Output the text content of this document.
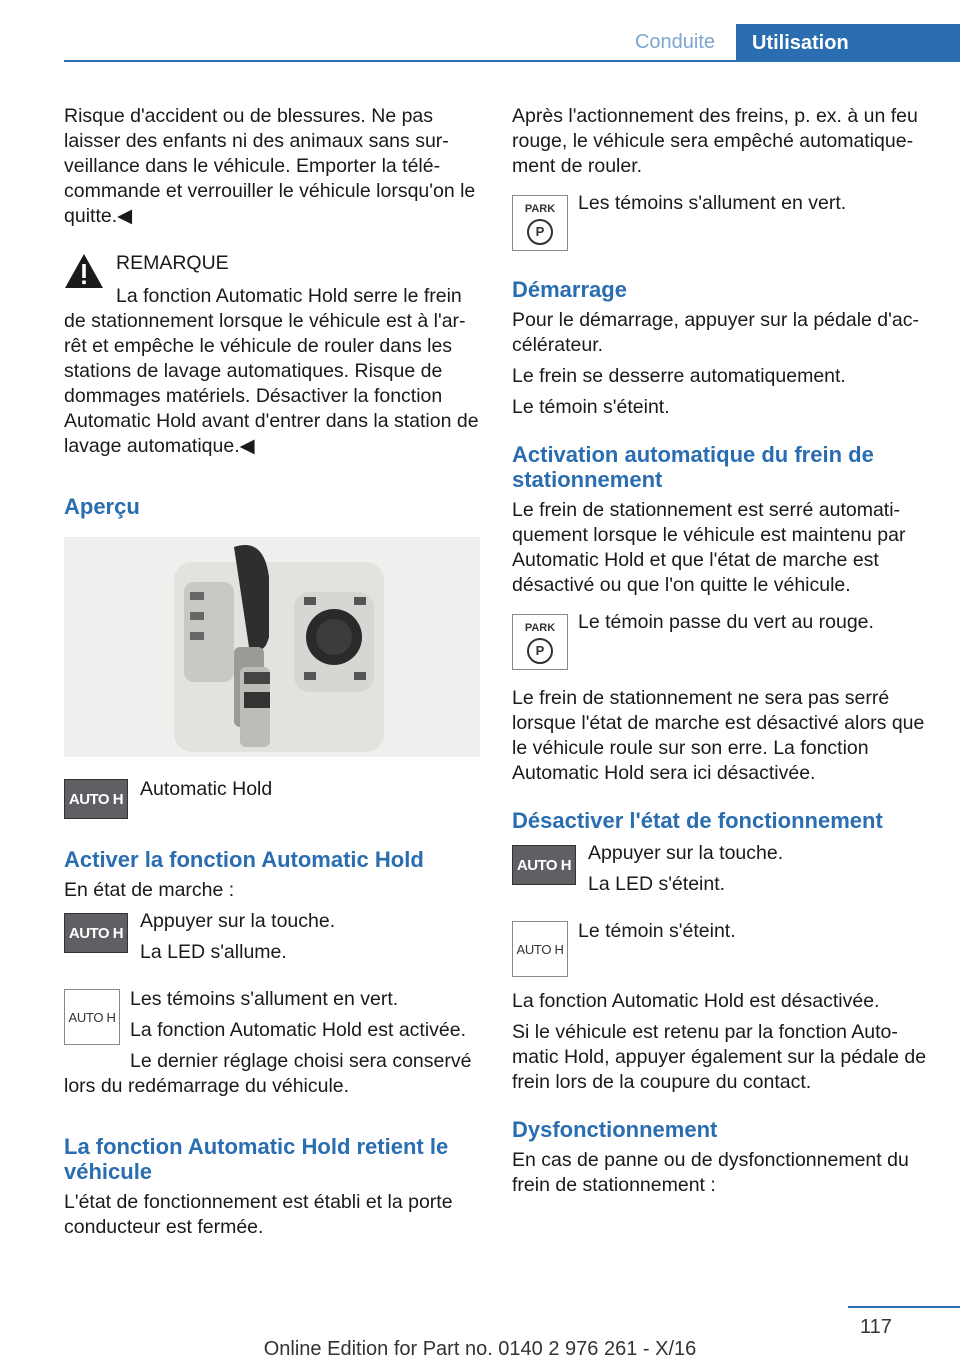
Conduite	Utilisation

Risque d'accident ou de blessures. Ne pas laisser des enfants ni des animaux sans sur‐veillance dans le véhicule. Emporter la télé‐commande et verrouiller le véhicule lorsqu'on le quitte.◀

REMARQUE

La fonction Automatic Hold serre le frein de stationnement lorsque le véhicule est à l'ar‐rêt et empêche le véhicule de rouler dans les stations de lavage automatiques. Risque de dommages matériels. Désactiver la fonction Automatic Hold avant d'entrer dans la station de lavage automatique.◀

Aperçu

AUTO H Automatic Hold

Activer la fonction Automatic Hold

En état de marche :

AUTO H

Appuyer sur la touche.

La LED s'allume.

AUTO H

Les témoins s'allument en vert.

La fonction Automatic Hold est activée.

Le dernier réglage choisi sera conservé lors du redémarrage du véhicule.

La fonction Automatic Hold retient le véhicule

L'état de fonctionnement est établi et la porte conducteur est fermée.

Après l'actionnement des freins, p. ex. à un feu rouge, le véhicule sera empêché automatique‐ment de rouler.

PARK
P

Les témoins s'allument en vert.

Démarrage

Pour le démarrage, appuyer sur la pédale d'ac‐célérateur.

Le frein se desserre automatiquement.

Le témoin s'éteint.

Activation automatique du frein de stationnement

Le frein de stationnement est serré automati‐quement lorsque le véhicule est maintenu par Automatic Hold et que l'état de marche est désactivé ou que l'on quitte le véhicule.

PARK
P

Le témoin passe du vert au rouge.

Le frein de stationnement ne sera pas serré lorsque l'état de marche est désactivé alors que le véhicule roule sur son erre. La fonction Automatic Hold sera ici désactivée.

Désactiver l'état de fonctionnement

AUTO H

Appuyer sur la touche.

La LED s'éteint.

AUTO H

Le témoin s'éteint.

La fonction Automatic Hold est désactivée.

Si le véhicule est retenu par la fonction Auto‐matic Hold, appuyer également sur la pédale de frein lors de la coupure du contact.

Dysfonctionnement

En cas de panne ou de dysfonctionnement du frein de stationnement :

117
Online Edition for Part no. 0140 2 976 261 - X/16
